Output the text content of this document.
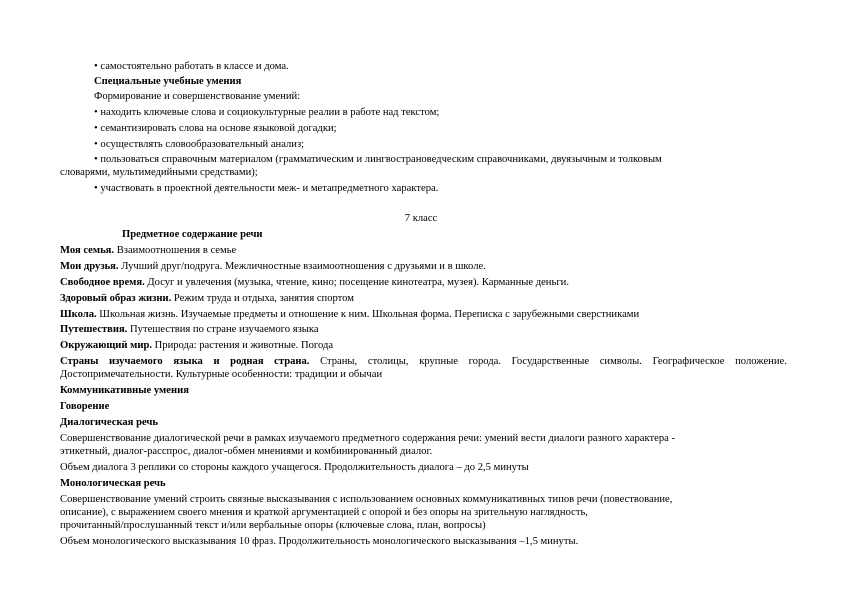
• самостоятельно работать в классе и дома.
Специальные учебные умения
Формирование и совершенствование умений:
• находить ключевые слова и социокультурные реалии в работе над текстом;
• семантизировать слова на основе языковой догадки;
• осуществлять словообразовательный анализ;
• пользоваться справочным материалом (грамматическим и лингвострановедческим справочниками, двуязычным и толковым
словарями, мультимедийными средствами);
• участвовать в проектной деятельности меж- и метапредметного характера.
7 класс
Предметное содержание речи
Моя семья. Взаимоотношения в семье
Мои друзья. Лучший друг/подруга. Межличностные взаимоотношения с друзьями и в школе.
Свободное время. Досуг и увлечения (музыка, чтение, кино; посещение кинотеатра, музея). Карманные деньги.
Здоровый образ жизни. Режим труда и отдыха, занятия спортом
Школа. Школьная жизнь. Изучаемые предметы и отношение к ним. Школьная форма. Переписка с зарубежными сверстниками
Путешествия. Путешествия по стране изучаемого языка
Окружающий мир. Природа: растения и животные. Погода
Страны изучаемого языка и родная страна. Страны, столицы, крупные города. Государственные символы. Географическое положение.
Достопримечательности. Культурные особенности: традиции и обычаи
Коммуникативные умения
Говорение
Диалогическая речь
Совершенствование диалогической речи в рамках изучаемого предметного содержания речи: умений вести диалоги разного характера -
этикетный, диалог-расспрос, диалог-обмен мнениями и комбинированный диалог.
Объем диалога 3 реплики со стороны каждого учащегося. Продолжительность диалога – до 2,5 минуты
Монологическая речь
Совершенствование умений строить связные высказывания с использованием основных коммуникативных типов речи (повествование,
описание), с выражением своего мнения и краткой аргументацией с опорой и без опоры на зрительную наглядность,
прочитанный/прослушанный текст и/или вербальные опоры (ключевые слова, план, вопросы)
Объем монологического высказывания 10 фраз. Продолжительность монологического высказывания –1,5 минуты.
